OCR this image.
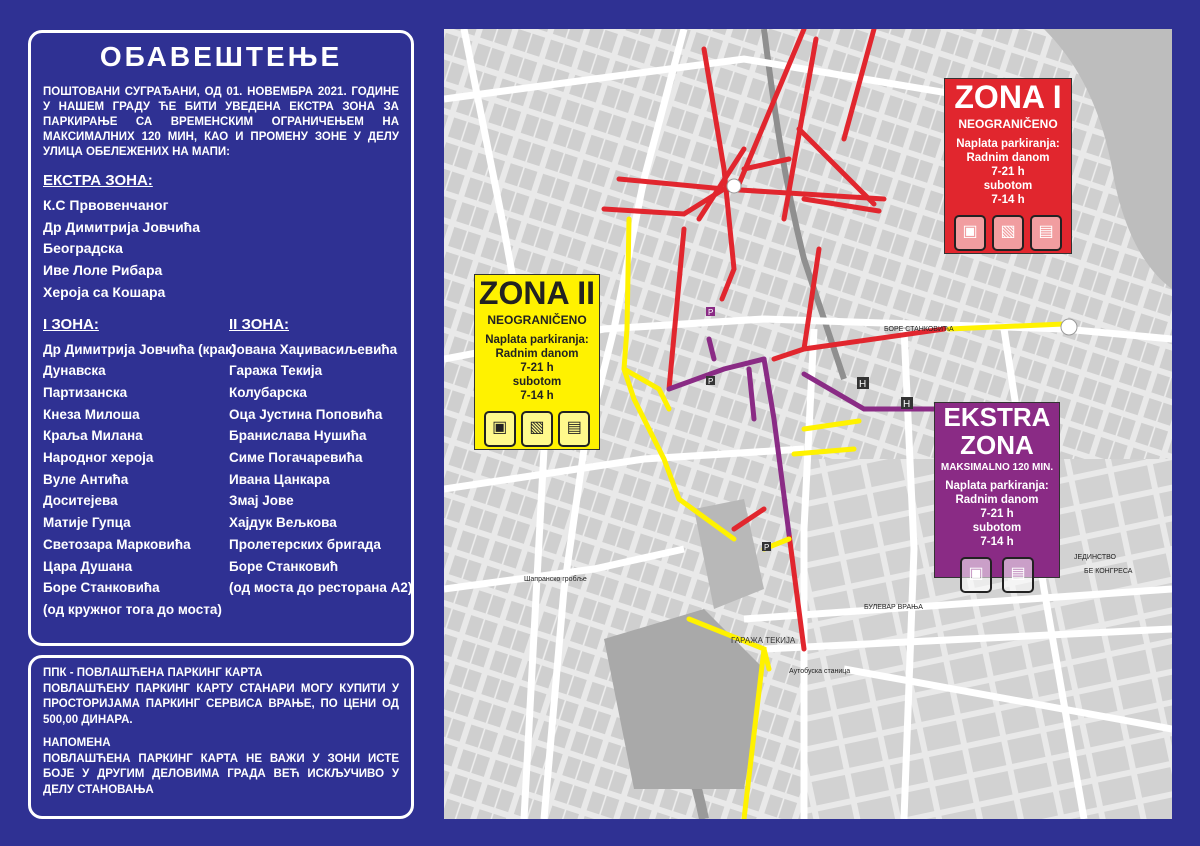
ОБАВЕШТЕЊЕ
ПОШТОВАНИ СУГРАЂАНИ, ОД 01. НОВЕМБРА 2021. ГОДИНЕ У НАШЕМ ГРАДУ ЋЕ БИТИ УВЕДЕНА ЕКСТРА ЗОНА ЗА ПАРКИРАЊЕ СА ВРЕМЕНСКИМ ОГРАНИЧЕЊЕМ НА МАКСИМАЛНИХ 120 МИН, КАО И ПРОМЕНУ ЗОНЕ У ДЕЛУ УЛИЦА ОБЕЛЕЖЕНИХ НА МАПИ:
ЕКСТРА ЗОНА:
К.С Првовенчаног
Др Димитрија Јовчића
Београдска
Иве Лоле Рибара
Хероја са Кошара
I ЗОНА:
Др Димитрија Јовчића (крак)
Дунавска
Партизанска
Кнеза Милоша
Краља Милана
Народног хероја
Вуле Антића
Доситејева
Матије Гупца
Светозара Марковића
Цара Душана
Боре Станковића
(од кружног тога до моста)
II ЗОНА:
Јована Хаџивасиљевића
Гаража Текија
Колубарска
Оца Јустина Поповића
Бранислава Нушића
Симе Погачаревића
Ивана Цанкара
Змај Јове
Хајдук Вељкова
Пролетерских бригада
Боре Станковић
(од моста до ресторана А2)

ППК - ПОВЛАШЋЕНА ПАРКИНГ КАРТА

ПОВЛАШЋЕНУ ПАРКИНГ КАРТУ СТАНАРИ МОГУ КУПИТИ У ПРОСТОРИЈАМА ПАРКИНГ СЕРВИСА ВРАЊЕ, ПО ЦЕНИ ОД 500,00 ДИНАРА.

НАПОМЕНА

ПОВЛАШЋЕНА ПАРКИНГ КАРТА НЕ ВАЖИ У ЗОНИ ИСТЕ БОЈЕ У ДРУГИМ ДЕЛОВИМА ГРАДА ВЕЋ ИСКЉУЧИВО У ДЕЛУ СТАНОВАЊА

ГАРАЖА ТЕКИЈА
Аутобуска станица
Шапранско гробље
БУЛЕВАР ВРАЊА
БЕ КОНГРЕСА
БОРЕ СТАНКОВИЋА
ЈЕДИНСТВО
P
P
P
H
H
ZONA I
NEOGRANIČENO
Naplata parkiranja:
Radnim danom
7-21 h
subotom
7-14 h
▣	▧	▤
ZONA II
NEOGRANIČENO
Naplata parkiranja:
Radnim danom
7-21 h
subotom
7-14 h
▣	▧	▤	EKSTRA
ZONA
MAKSIMALNO 120 MIN.
Naplata parkiranja:
Radnim danom
7-21 h
subotom
7-14 h
▣	▤
